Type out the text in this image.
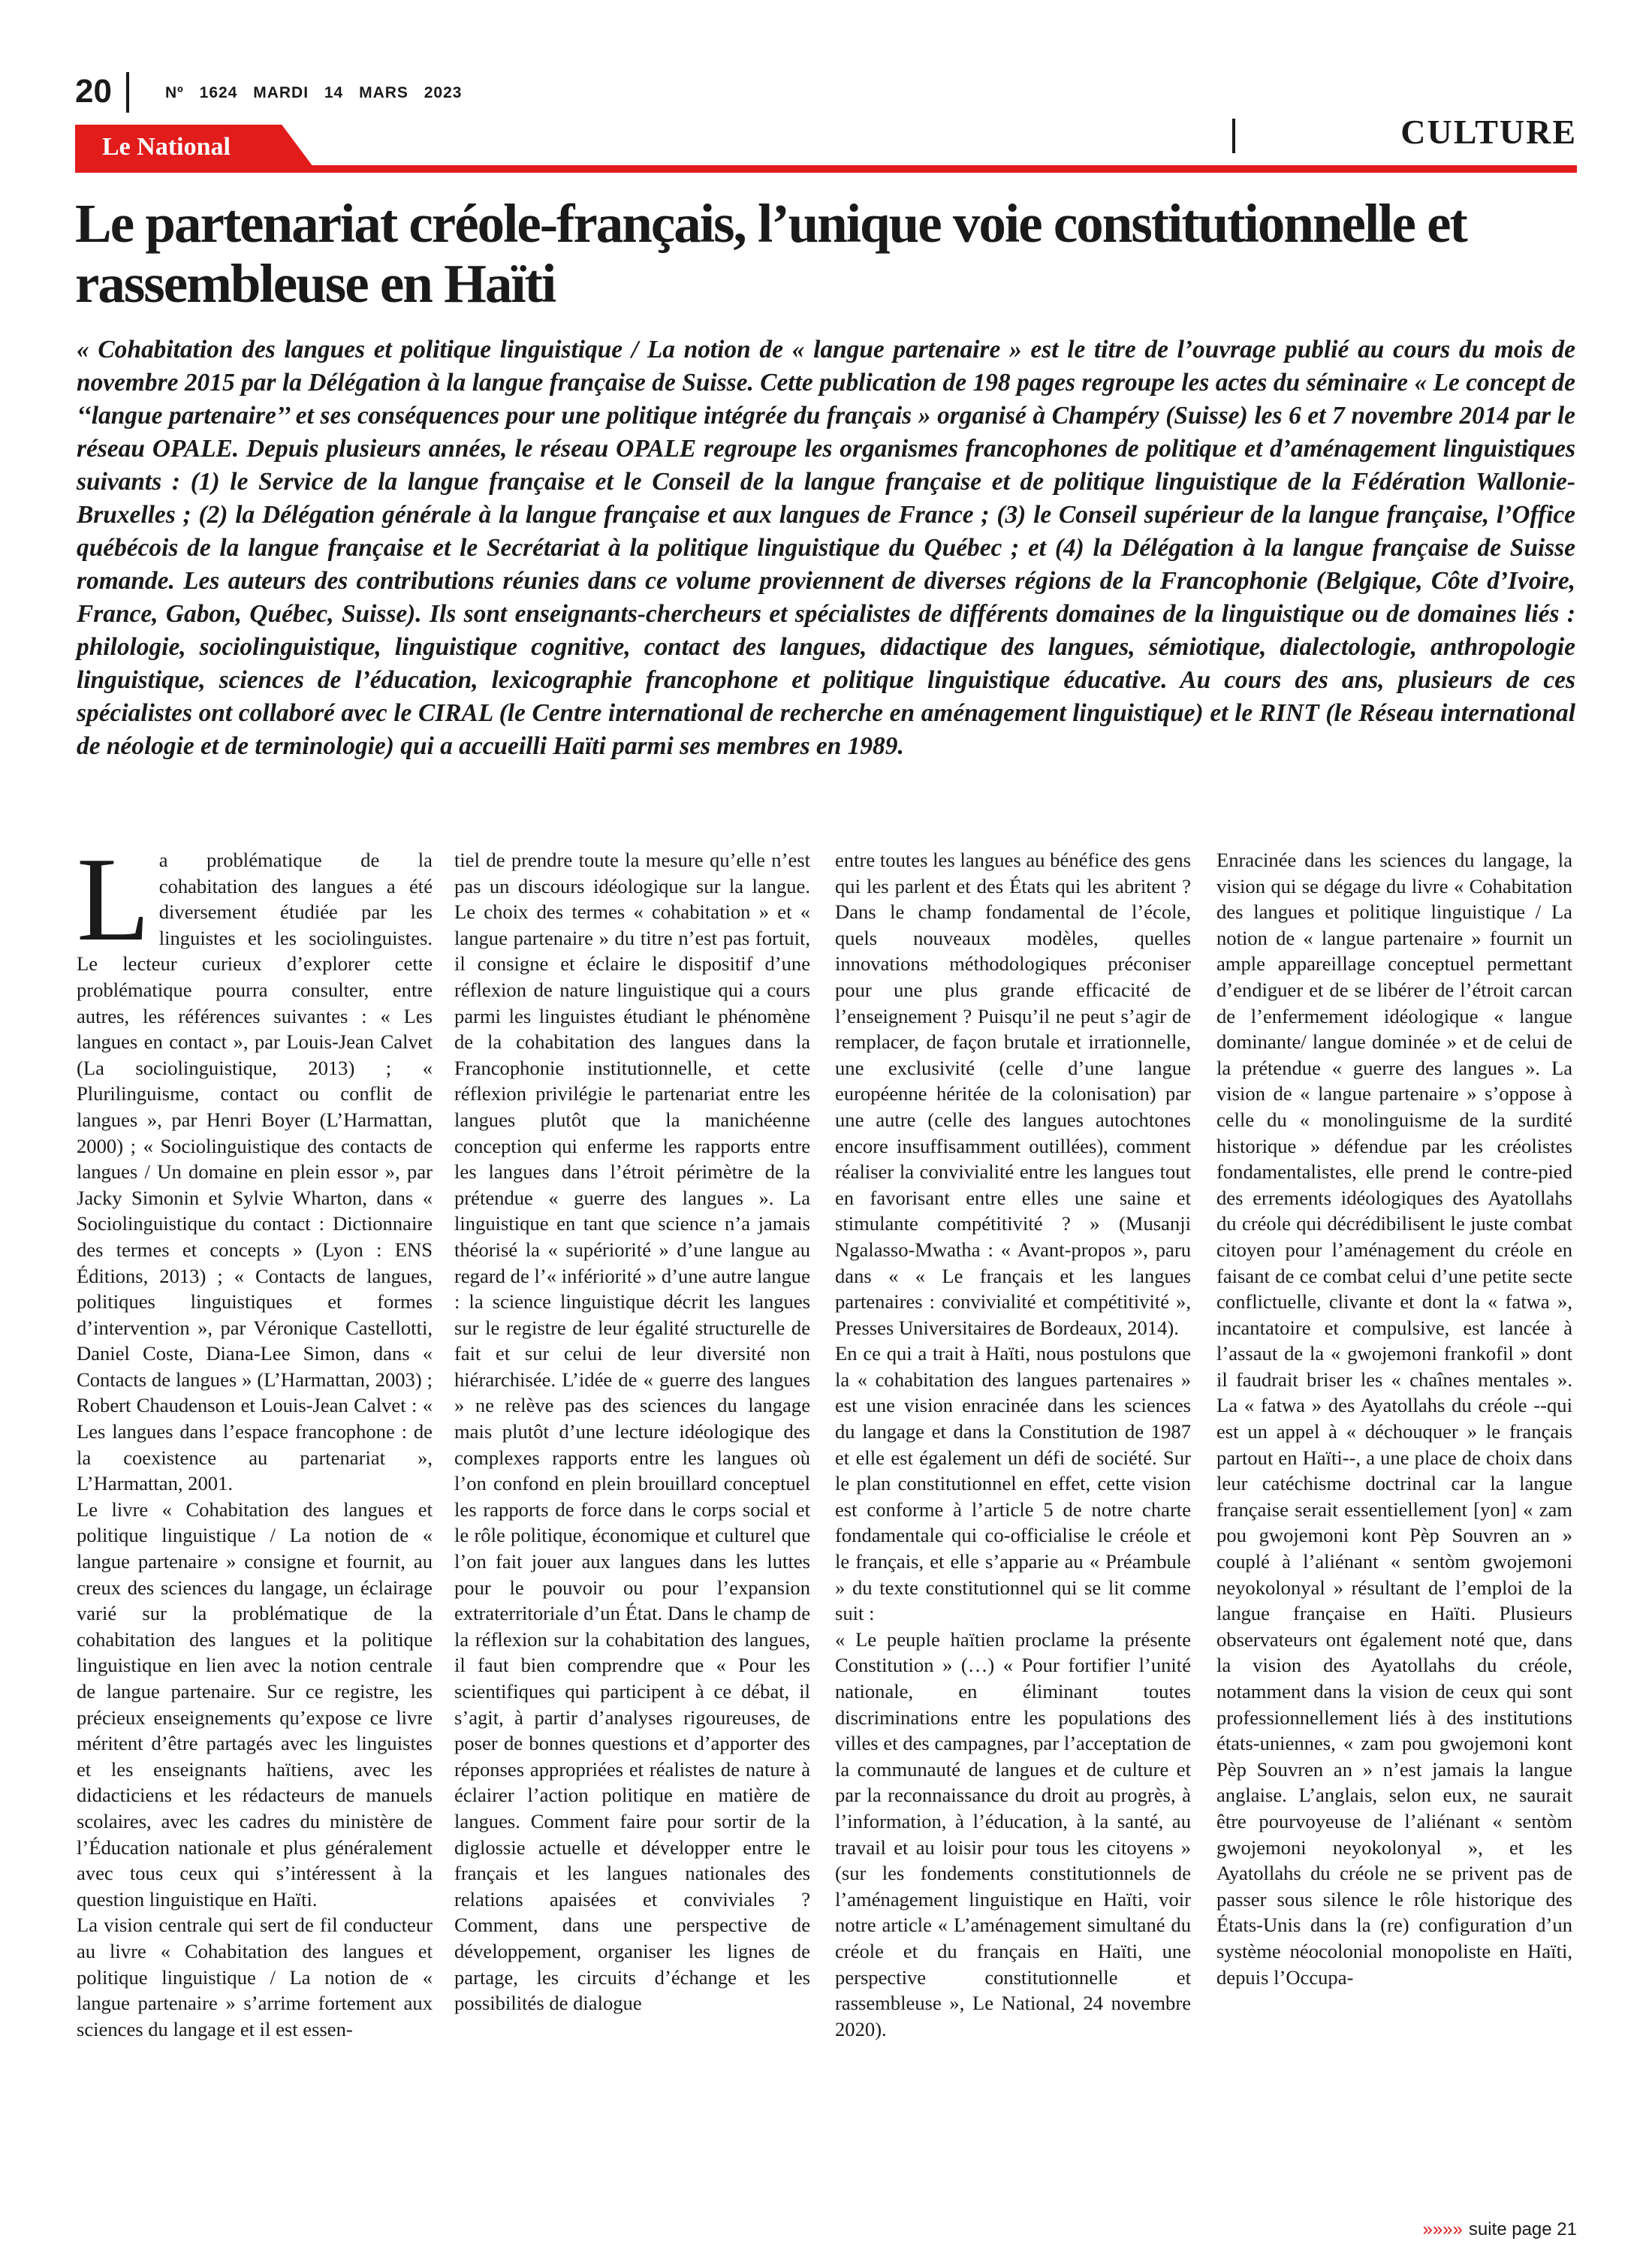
20	Nº 1624 MARDI 14 MARS 2023
Le National	CULTURE
Le partenariat créole-français, l’unique voie constitutionnelle et rassembleuse en Haïti

« Cohabitation des langues et politique linguistique / La notion de « langue partenaire » est le titre de l’ouvrage publié au cours du mois de novembre 2015 par la Délégation à la langue française de Suisse. Cette publication de 198 pages regroupe les actes du séminaire « Le concept de ‘‘langue partenaire’’ et ses conséquences pour une politique intégrée du français » organisé à Champéry (Suisse) les 6 et 7 novembre 2014 par le réseau OPALE. Depuis plusieurs années, le réseau OPALE regroupe les organismes francophones de politique et d’aménagement linguistiques suivants : (1) le Service de la langue française et le Conseil de la langue française et de politique linguistique de la Fédération Wallonie-Bruxelles ; (2) la Délégation générale à la langue française et aux langues de France ; (3) le Conseil supérieur de la langue française, l’Office québécois de la langue française et le Secrétariat à la politique linguistique du Québec ; et (4) la Délégation à la langue française de Suisse romande. Les auteurs des contributions réunies dans ce volume proviennent de diverses régions de la Francophonie (Belgique, Côte d’Ivoire, France, Gabon, Québec, Suisse). Ils sont enseignants-chercheurs et spécialistes de différents domaines de la linguistique ou de domaines liés : philologie, sociolinguistique, linguistique cognitive, contact des langues, didactique des langues, sémiotique, dialectologie, anthropologie linguistique, sciences de l’éducation, lexicographie francophone et politique linguistique éducative. Au cours des ans, plusieurs de ces spécialistes ont collaboré avec le CIRAL (le Centre international de recherche en aménagement linguistique) et le RINT (le Réseau international de néologie et de terminologie) qui a accueilli Haïti parmi ses membres en 1989.

La problématique de la cohabitation des langues a été diversement étudiée par les linguistes et les sociolinguistes. Le lecteur curieux d’explorer cette problématique pourra consulter, entre autres, les références suivantes : « Les langues en contact », par Louis-Jean Calvet (La sociolinguistique, 2013) ; « Plurilinguisme, contact ou conflit de langues », par Henri Boyer (L’Harmattan, 2000) ; « Sociolinguistique des contacts de langues / Un domaine en plein essor », par Jacky Simonin et Sylvie Wharton, dans « Sociolinguistique du contact : Dictionnaire des termes et concepts » (Lyon : ENS Éditions, 2013) ; « Contacts de langues, politiques linguistiques et formes d’intervention », par Véronique Castellotti, Daniel Coste, Diana-Lee Simon, dans « Contacts de langues » (L’Harmattan, 2003) ; Robert Chaudenson et Louis-Jean Calvet : « Les langues dans l’espace francophone : de la coexistence au partenariat », L’Harmattan, 2001.

Le livre « Cohabitation des langues et politique linguistique / La notion de « langue partenaire » consigne et fournit, au creux des sciences du langage, un éclairage varié sur la problématique de la cohabitation des langues et la politique linguistique en lien avec la notion centrale de langue partenaire. Sur ce registre, les précieux enseignements qu’expose ce livre méritent d’être partagés avec les linguistes et les enseignants haïtiens, avec les didacticiens et les rédacteurs de manuels scolaires, avec les cadres du ministère de l’Éducation nationale et plus généralement avec tous ceux qui s’intéressent à la question linguistique en Haïti.

La vision centrale qui sert de fil conducteur au livre « Cohabitation des langues et politique linguistique / La notion de « langue partenaire » s’arrime fortement aux sciences du langage et il est essen-

tiel de prendre toute la mesure qu’elle n’est pas un discours idéologique sur la langue. Le choix des termes « cohabitation » et « langue partenaire » du titre n’est pas fortuit, il consigne et éclaire le dispositif d’une réflexion de nature linguistique qui a cours parmi les linguistes étudiant le phénomène de la cohabitation des langues dans la Francophonie institutionnelle, et cette réflexion privilégie le partenariat entre les langues plutôt que la manichéenne conception qui enferme les rapports entre les langues dans l’étroit périmètre de la prétendue « guerre des langues ». La linguistique en tant que science n’a jamais théorisé la « supériorité » d’une langue au regard de l’« infériorité » d’une autre langue : la science linguistique décrit les langues sur le registre de leur égalité structurelle de fait et sur celui de leur diversité non hiérarchisée. L’idée de « guerre des langues » ne relève pas des sciences du langage mais plutôt d’une lecture idéologique des complexes rapports entre les langues où l’on confond en plein brouillard conceptuel les rapports de force dans le corps social et le rôle politique, économique et culturel que l’on fait jouer aux langues dans les luttes pour le pouvoir ou pour l’expansion extraterritoriale d’un État. Dans le champ de la réflexion sur la cohabitation des langues, il faut bien comprendre que « Pour les scientifiques qui participent à ce débat, il s’agit, à partir d’analyses rigoureuses, de poser de bonnes questions et d’apporter des réponses appropriées et réalistes de nature à éclairer l’action politique en matière de langues. Comment faire pour sortir de la diglossie actuelle et développer entre le français et les langues nationales des relations apaisées et conviviales ? Comment, dans une perspective de développement, organiser les lignes de partage, les circuits d’échange et les possibilités de dialogue

entre toutes les langues au bénéfice des gens qui les parlent et des États qui les abritent ? Dans le champ fondamental de l’école, quels nouveaux modèles, quelles innovations méthodologiques préconiser pour une plus grande efficacité de l’enseignement ? Puisqu’il ne peut s’agir de remplacer, de façon brutale et irrationnelle, une exclusivité (celle d’une langue européenne héritée de la colonisation) par une autre (celle des langues autochtones encore insuffisamment outillées), comment réaliser la convivialité entre les langues tout en favorisant entre elles une saine et stimulante compétitivité ? » (Musanji Ngalasso-Mwatha : « Avant-propos », paru dans « « Le français et les langues partenaires : convivialité et compétitivité », Presses Universitaires de Bordeaux, 2014).

En ce qui a trait à Haïti, nous postulons que la « cohabitation des langues partenaires » est une vision enracinée dans les sciences du langage et dans la Constitution de 1987 et elle est également un défi de société. Sur le plan constitutionnel en effet, cette vision est conforme à l’article 5 de notre charte fondamentale qui co-officialise le créole et le français, et elle s’apparie au « Préambule » du texte constitutionnel qui se lit comme suit :

« Le peuple haïtien proclame la présente Constitution » (…) « Pour fortifier l’unité nationale, en éliminant toutes discriminations entre les populations des villes et des campagnes, par l’acceptation de la communauté de langues et de culture et par la reconnaissance du droit au progrès, à l’information, à l’éducation, à la santé, au travail et au loisir pour tous les citoyens » (sur les fondements constitutionnels de l’aménagement linguistique en Haïti, voir notre article « L’aménagement simultané du créole et du français en Haïti, une perspective constitutionnelle et rassembleuse », Le National, 24 novembre 2020).

Enracinée dans les sciences du langage, la vision qui se dégage du livre « Cohabitation des langues et politique linguistique / La notion de « langue partenaire » fournit un ample appareillage conceptuel permettant d’endiguer et de se libérer de l’étroit carcan de l’enfermement idéologique « langue dominante/ langue dominée » et de celui de la prétendue « guerre des langues ». La vision de « langue partenaire » s’oppose à celle du « monolinguisme de la surdité historique » défendue par les créolistes fondamentalistes, elle prend le contre-pied des errements idéologiques des Ayatollahs du créole qui décrédibilisent le juste combat citoyen pour l’aménagement du créole en faisant de ce combat celui d’une petite secte conflictuelle, clivante et dont la « fatwa », incantatoire et compulsive, est lancée à l’assaut de la « gwojemoni frankofil » dont il faudrait briser les « chaînes mentales ». La « fatwa » des Ayatollahs du créole --qui est un appel à « déchouquer » le français partout en Haïti--, a une place de choix dans leur catéchisme doctrinal car la langue française serait essentiellement [yon] « zam pou gwojemoni kont Pèp Souvren an » couplé à l’aliénant « sentòm gwojemoni neyokolonyal » résultant de l’emploi de la langue française en Haïti. Plusieurs observateurs ont également noté que, dans la vision des Ayatollahs du créole, notamment dans la vision de ceux qui sont professionnellement liés à des institutions états-uniennes, « zam pou gwojemoni kont Pèp Souvren an » n’est jamais la langue anglaise. L’anglais, selon eux, ne saurait être pourvoyeuse de l’aliénant « sentòm gwojemoni neyokolonyal », et les Ayatollahs du créole ne se privent pas de passer sous silence le rôle historique des États-Unis dans la (re) configuration d’un système néocolonial monopoliste en Haïti, depuis l’Occupa-

»»»» suite page 21
